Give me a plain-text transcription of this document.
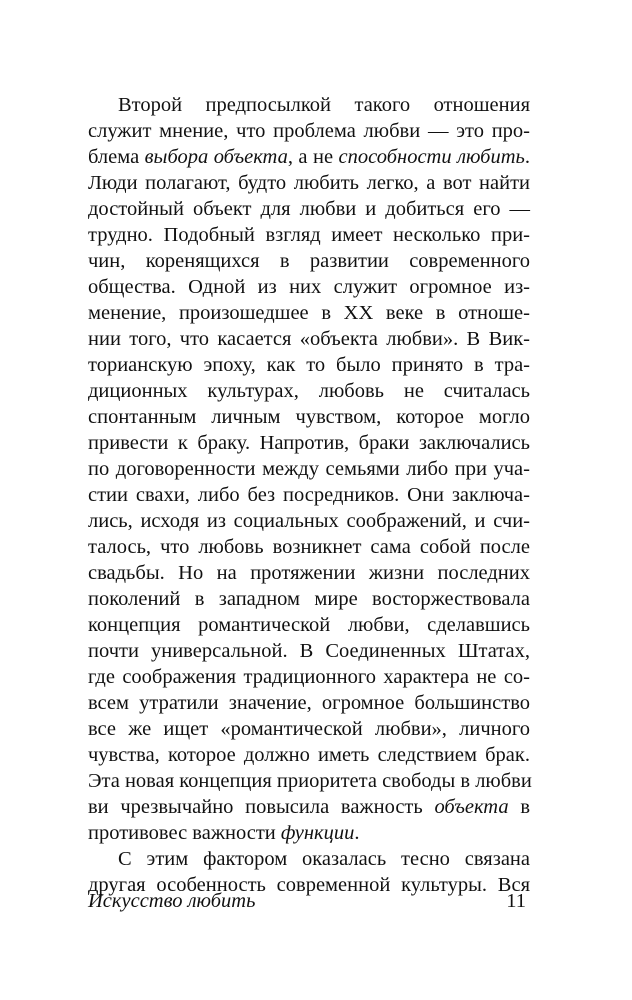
Второй предпосылкой такого отношения
служит мнение, что проблема любви — это про-
блема выбора объекта, а не способности любить.
Люди полагают, будто любить легко, а вот найти
достойный объект для любви и добиться его —
трудно. Подобный взгляд имеет несколько при-
чин, коренящихся в развитии современного
общества. Одной из них служит огромное из-
менение, произошедшее в XX веке в отноше-
нии того, что касается «объекта любви». В Вик-
торианскую эпоху, как то было принято в тра-
диционных культурах, любовь не считалась
спонтанным личным чувством, которое могло
привести к браку. Напротив, браки заключались
по договоренности между семьями либо при уча-
стии свахи, либо без посредников. Они заключа-
лись, исходя из социальных соображений, и счи-
талось, что любовь возникнет сама собой после
свадьбы. Но на протяжении жизни последних
поколений в западном мире восторжествовала
концепция романтической любви, сделавшись
почти универсальной. В Соединенных Штатах,
где соображения традиционного характера не со-
всем утратили значение, огромное большинство
все же ищет «романтической любви», личного
чувства, которое должно иметь следствием брак.
Эта новая концепция приоритета свободы в любви
ви чрезвычайно повысила важность объекта в
противовес важности функции.
С этим фактором оказалась тесно связана
другая особенность современной культуры. Вся
Искусство любить	11
